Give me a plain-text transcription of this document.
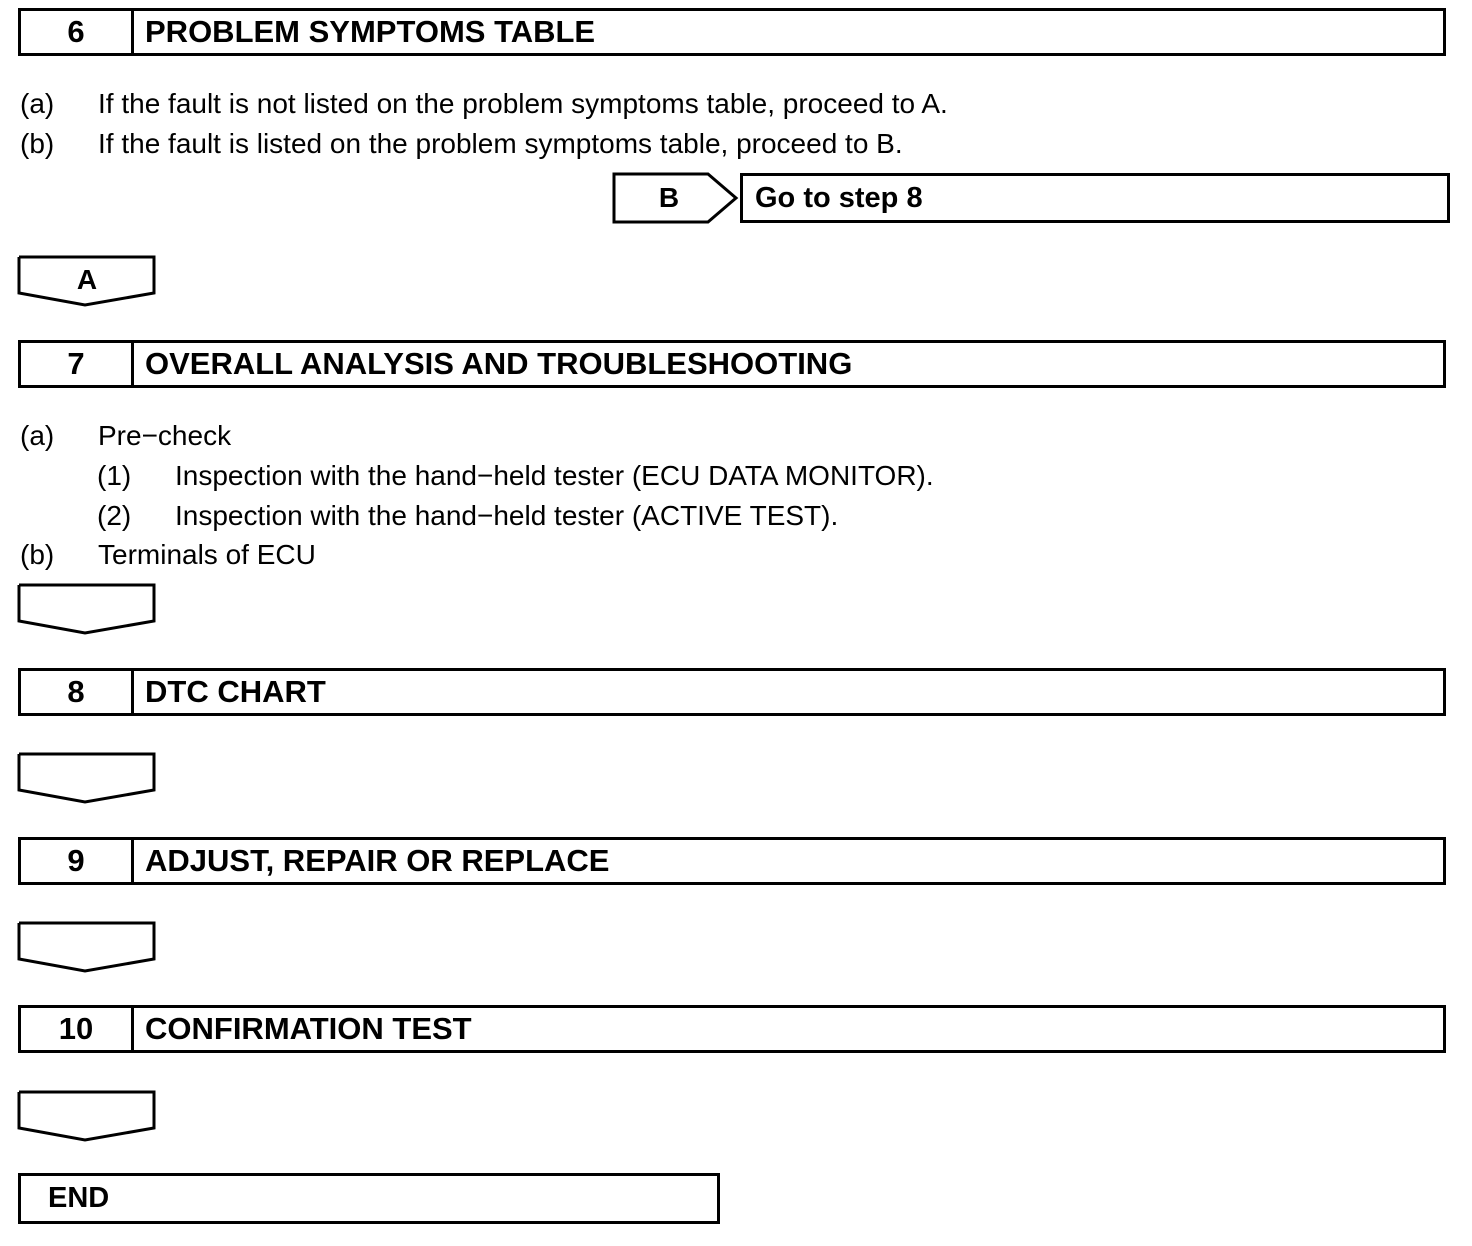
6	PROBLEM SYMPTOMS TABLE
(a) If the fault is not listed on the problem symptoms table, proceed to A.
(b) If the fault is listed on the problem symptoms table, proceed to B.
B	Go to step 8
A
7	OVERALL ANALYSIS AND TROUBLESHOOTING
(a) Pre−check
(1) Inspection with the hand−held tester (ECU DATA MONITOR).
(2) Inspection with the hand−held tester (ACTIVE TEST).
(b) Terminals of ECU
8	DTC CHART
9	ADJUST, REPAIR OR REPLACE
10	CONFIRMATION TEST
END
